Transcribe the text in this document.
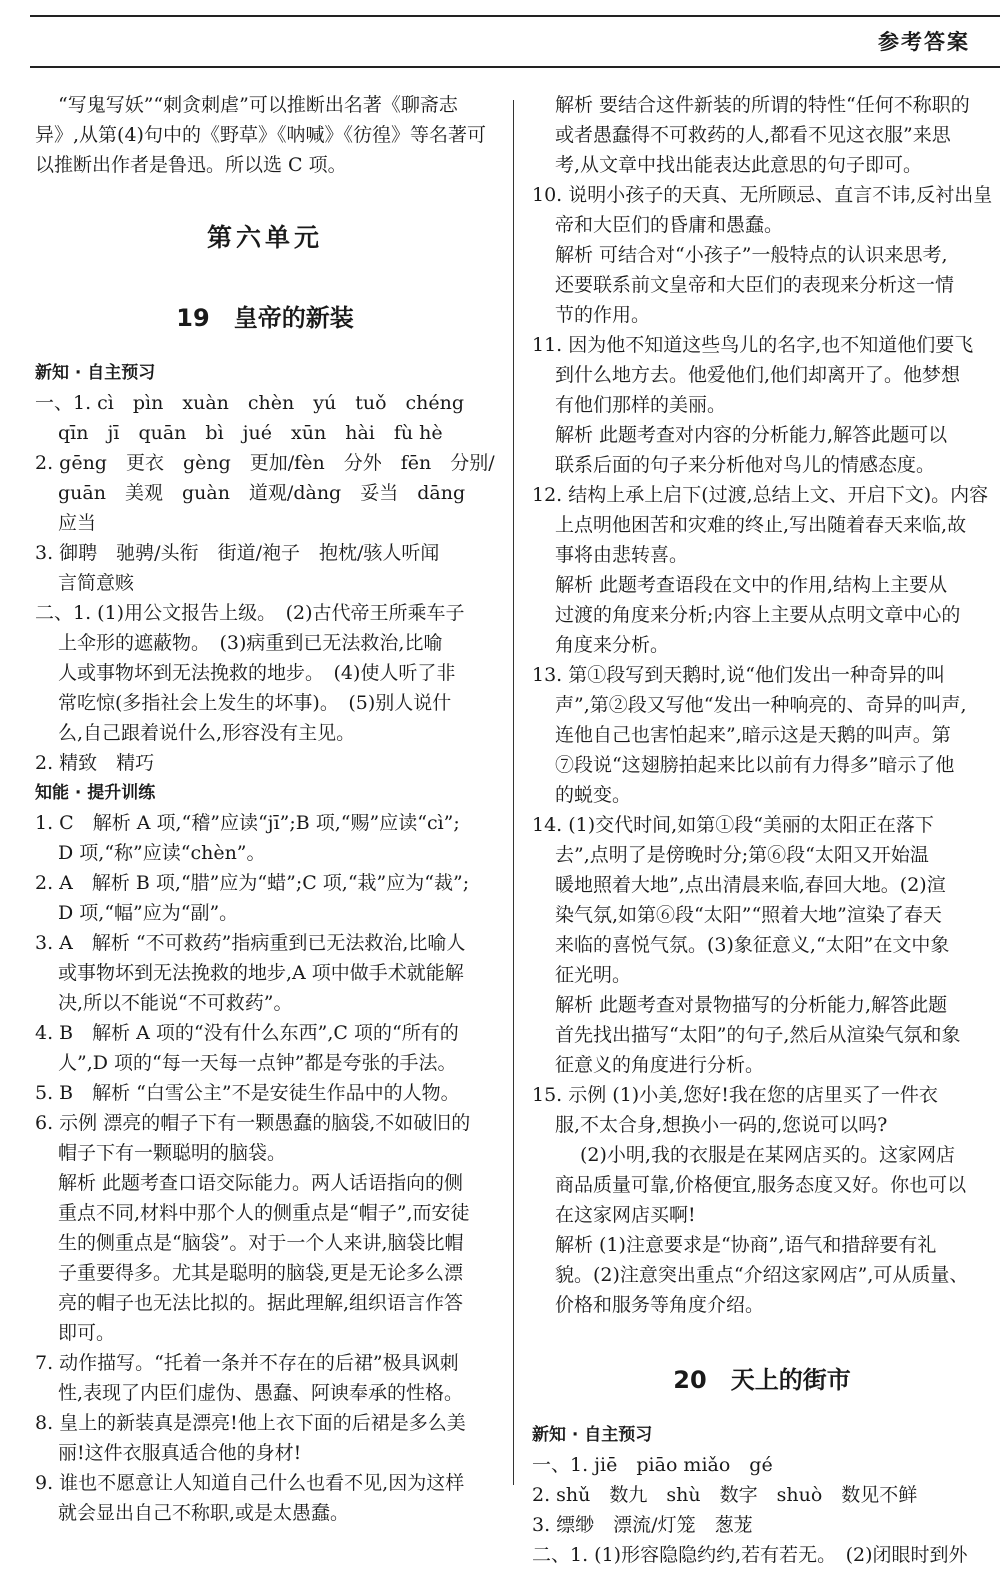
参考答案

“写鬼写妖”“刺贪刺虐”可以推断出名著《聊斋志

异》,从第(4)句中的《野草》《呐喊》《彷徨》等名著可

以推断出作者是鲁迅。所以选 C 项。

第六单元
19　皇帝的新装
新知 · 自主预习

一、1. cì　pìn　xuàn　chèn　yú　tuǒ　chéng

qīn　jī　quān　bì　jué　xūn　hài　fù hè

2. gēng　更衣　gèng　更加/fèn　分外　fēn　分别/

guān　美观　guàn　道观/dàng　妥当　dāng

应当

3. 御聘　驰骋/头衔　街道/袍子　抱枕/骇人听闻

言简意赅

二、1. (1)用公文报告上级。　(2)古代帝王所乘车子

上伞形的遮蔽物。　(3)病重到已无法救治,比喻

人或事物坏到无法挽救的地步。　(4)使人听了非

常吃惊(多指社会上发生的坏事)。　(5)别人说什

么,自己跟着说什么,形容没有主见。

2. 精致　精巧

知能 · 提升训练

1. C　解析 A 项,“稽”应读“jī”;B 项,“赐”应读“cì”;

D 项,“称”应读“chèn”。

2. A　解析 B 项,“腊”应为“蜡”;C 项,“栽”应为“裁”;

D 项,“幅”应为“副”。

3. A　解析 “不可救药”指病重到已无法救治,比喻人

或事物坏到无法挽救的地步,A 项中做手术就能解

决,所以不能说“不可救药”。

4. B　解析 A 项的“没有什么东西”,C 项的“所有的

人”,D 项的“每一天每一点钟”都是夸张的手法。

5. B　解析 “白雪公主”不是安徒生作品中的人物。

6. 示例 漂亮的帽子下有一颗愚蠢的脑袋,不如破旧的

帽子下有一颗聪明的脑袋。

解析 此题考查口语交际能力。两人话语指向的侧

重点不同,材料中那个人的侧重点是“帽子”,而安徒

生的侧重点是“脑袋”。对于一个人来讲,脑袋比帽

子重要得多。尤其是聪明的脑袋,更是无论多么漂

亮的帽子也无法比拟的。据此理解,组织语言作答

即可。

7. 动作描写。“托着一条并不存在的后裙”极具讽刺

性,表现了内臣们虚伪、愚蠢、阿谀奉承的性格。

8. 皇上的新装真是漂亮!他上衣下面的后裙是多么美

丽!这件衣服真适合他的身材!

9. 谁也不愿意让人知道自己什么也看不见,因为这样

就会显出自己不称职,或是太愚蠢。

解析 要结合这件新装的所谓的特性“任何不称职的

或者愚蠢得不可救药的人,都看不见这衣服”来思

考,从文章中找出能表达此意思的句子即可。

10. 说明小孩子的天真、无所顾忌、直言不讳,反衬出皇

帝和大臣们的昏庸和愚蠢。

解析 可结合对“小孩子”一般特点的认识来思考,

还要联系前文皇帝和大臣们的表现来分析这一情

节的作用。

11. 因为他不知道这些鸟儿的名字,也不知道他们要飞

到什么地方去。他爱他们,他们却离开了。他梦想

有他们那样的美丽。

解析 此题考查对内容的分析能力,解答此题可以

联系后面的句子来分析他对鸟儿的情感态度。

12. 结构上承上启下(过渡,总结上文、开启下文)。内容

上点明他困苦和灾难的终止,写出随着春天来临,故

事将由悲转喜。

解析 此题考查语段在文中的作用,结构上主要从

过渡的角度来分析;内容上主要从点明文章中心的

角度来分析。

13. 第①段写到天鹅时,说“他们发出一种奇异的叫

声”,第②段又写他“发出一种响亮的、奇异的叫声,

连他自己也害怕起来”,暗示这是天鹅的叫声。第

⑦段说“这翅膀拍起来比以前有力得多”暗示了他

的蜕变。

14. (1)交代时间,如第①段“美丽的太阳正在落下

去”,点明了是傍晚时分;第⑥段“太阳又开始温

暖地照着大地”,点出清晨来临,春回大地。(2)渲

染气氛,如第⑥段“太阳”“照着大地”渲染了春天

来临的喜悦气氛。(3)象征意义,“太阳”在文中象

征光明。

解析 此题考查对景物描写的分析能力,解答此题

首先找出描写“太阳”的句子,然后从渲染气氛和象

征意义的角度进行分析。

15. 示例 (1)小美,您好!我在您的店里买了一件衣

服,不太合身,想换小一码的,您说可以吗?

(2)小明,我的衣服是在某网店买的。这家网店

商品质量可靠,价格便宜,服务态度又好。你也可以

在这家网店买啊!

解析 (1)注意要求是“协商”,语气和措辞要有礼

貌。(2)注意突出重点“介绍这家网店”,可从质量、

价格和服务等角度介绍。

20　天上的街市
新知 · 自主预习

一、1. jiē　piāo miǎo　gé

2. shǔ　数九　shù　数字　shuò　数见不鲜

3. 缥缈　漂流/灯笼　葱茏

二、1. (1)形容隐隐约约,若有若无。　(2)闭眼时到外
